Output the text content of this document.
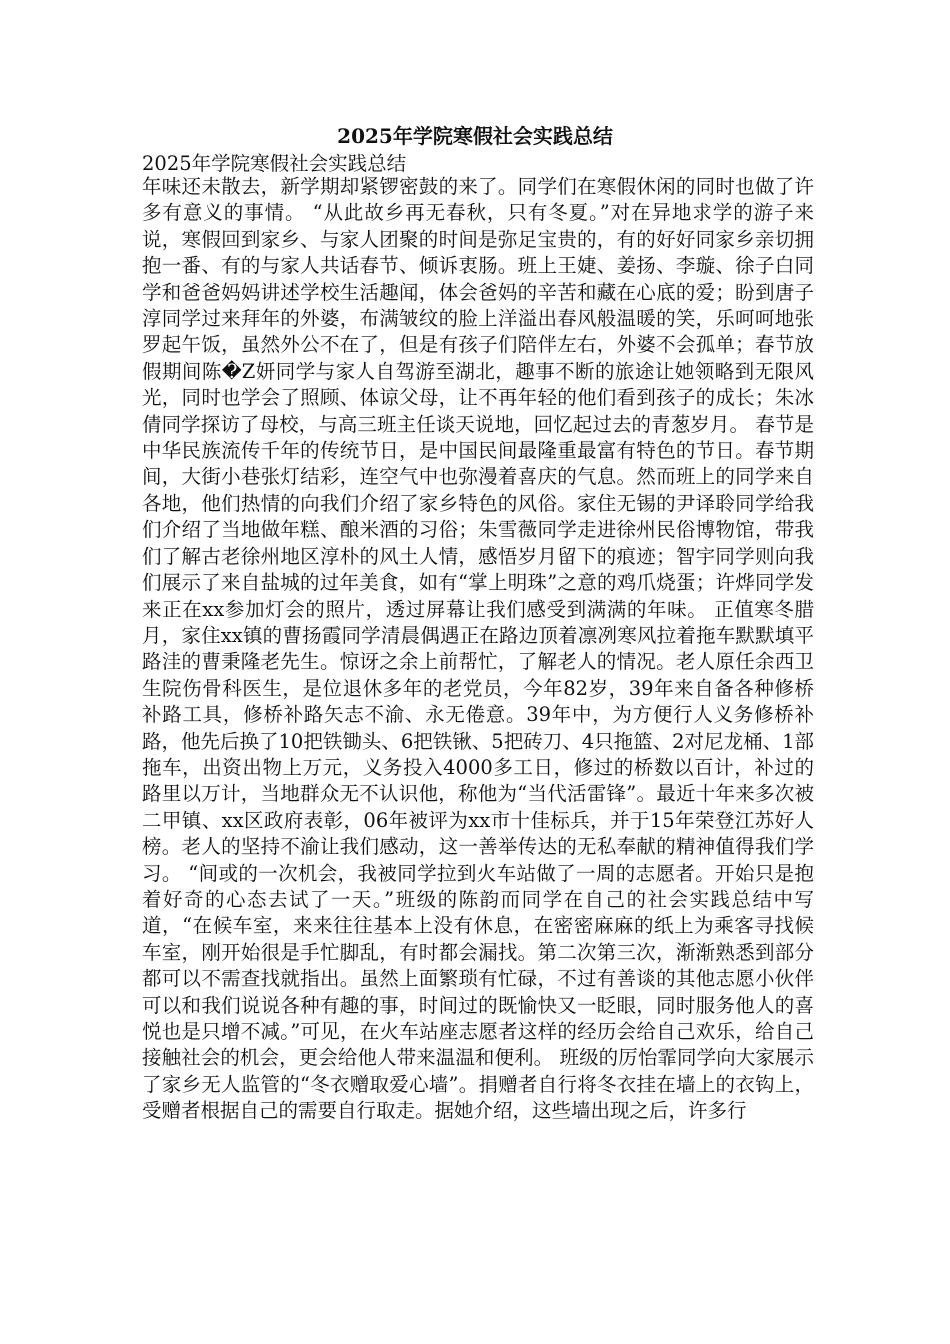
2025年学院寒假社会实践总结

2025年学院寒假社会实践总结

年味还未散去，新学期却紧锣密鼓的来了。同学们在寒假休闲的同时也做了许多有意义的事情。 “从此故乡再无春秋，只有冬夏。”对在异地求学的游子来说，寒假回到家乡、与家人团聚的时间是弥足宝贵的，有的好好同家乡亲切拥抱一番、有的与家人共话春节、倾诉衷肠。班上王婕、姜扬、李璇、徐子白同学和爸爸妈妈讲述学校生活趣闻，体会爸妈的辛苦和藏在心底的爱；盼到唐子淳同学过来拜年的外婆，布满皱纹的脸上洋溢出春风般温暖的笑，乐呵呵地张罗起午饭，虽然外公不在了，但是有孩子们陪伴左右，外婆不会孤单；春节放假期间陈�Z妍同学与家人自驾游至湖北，趣事不断的旅途让她领略到无限风光，同时也学会了照顾、体谅父母，让不再年轻的他们看到孩子的成长；朱冰倩同学探访了母校，与高三班主任谈天说地，回忆起过去的青葱岁月。 春节是中华民族流传千年的传统节日，是中国民间最隆重最富有特色的节日。春节期间，大街小巷张灯结彩，连空气中也弥漫着喜庆的气息。然而班上的同学来自各地，他们热情的向我们介绍了家乡特色的风俗。家住无锡的尹译聆同学给我们介绍了当地做年糕、酿米酒的习俗；朱雪薇同学走进徐州民俗博物馆，带我们了解古老徐州地区淳朴的风土人情，感悟岁月留下的痕迹；智宇同学则向我们展示了来自盐城的过年美食，如有“掌上明珠”之意的鸡爪烧蛋；许烨同学发来正在xx参加灯会的照片，透过屏幕让我们感受到满满的年味。 正值寒冬腊月，家住xx镇的曹扬霞同学清晨偶遇正在路边顶着凛冽寒风拉着拖车默默填平路洼的曹秉隆老先生。惊讶之余上前帮忙，了解老人的情况。老人原任余西卫生院伤骨科医生，是位退休多年的老党员，今年82岁，39年来自备各种修桥补路工具，修桥补路矢志不渝、永无倦意。39年中，为方便行人义务修桥补路，他先后换了10把铁锄头、6把铁锹、5把砖刀、4只拖篮、2对尼龙桶、1部拖车，出资出物上万元，义务投入4000多工日，修过的桥数以百计，补过的路里以万计，当地群众无不认识他，称他为“当代活雷锋”。最近十年来多次被二甲镇、xx区政府表彰，06年被评为xx市十佳标兵，并于15年荣登江苏好人榜。老人的坚持不渝让我们感动，这一善举传达的无私奉献的精神值得我们学习。 “间或的一次机会，我被同学拉到火车站做了一周的志愿者。开始只是抱着好奇的心态去试了一天。”班级的陈韵而同学在自己的社会实践总结中写道，“在候车室，来来往往基本上没有休息，在密密麻麻的纸上为乘客寻找候车室，刚开始很是手忙脚乱，有时都会漏找。第二次第三次，渐渐熟悉到部分都可以不需查找就指出。虽然上面繁琐有忙碌，不过有善谈的其他志愿小伙伴可以和我们说说各种有趣的事，时间过的既愉快又一眨眼，同时服务他人的喜悦也是只增不减。”可见，在火车站座志愿者这样的经历会给自己欢乐，给自己接触社会的机会，更会给他人带来温温和便利。 班级的厉怡霏同学向大家展示了家乡无人监管的“冬衣赠取爱心墙”。捐赠者自行将冬衣挂在墙上的衣钩上，受赠者根据自己的需要自行取走。据她介绍，这些墙出现之后，许多行
